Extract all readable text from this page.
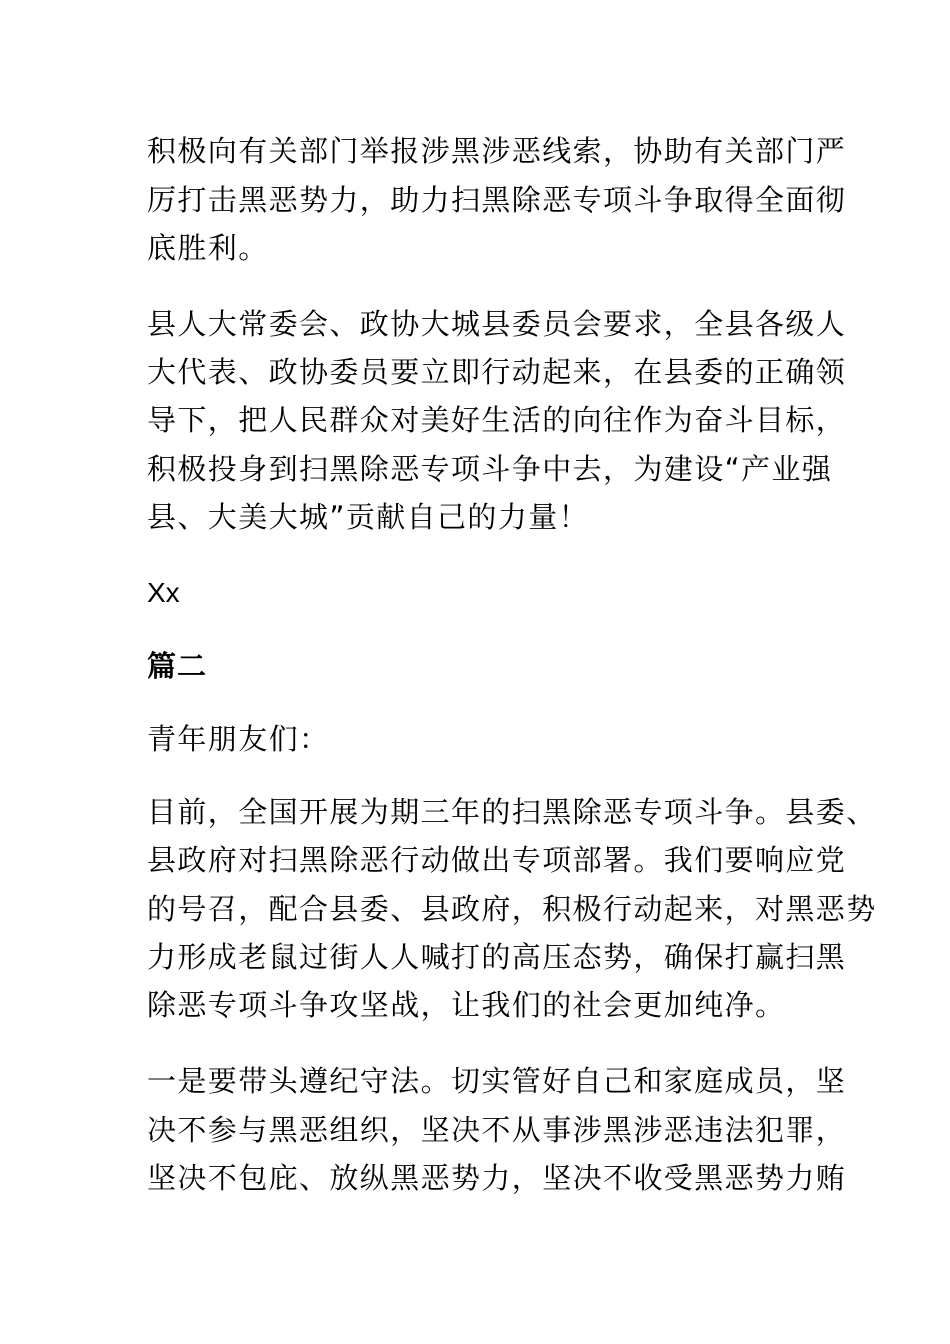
积极向有关部门举报涉黑涉恶线索，协助有关部门严
厉打击黑恶势力，助力扫黑除恶专项斗争取得全面彻
底胜利。
县人大常委会、政协大城县委员会要求，全县各级人
大代表、政协委员要立即行动起来，在县委的正确领
导下，把人民群众对美好生活的向往作为奋斗目标，
积极投身到扫黑除恶专项斗争中去，为建设“产业强
县、大美大城”贡献自己的力量！
Xx
篇二
青年朋友们：
目前，全国开展为期三年的扫黑除恶专项斗争。县委、
县政府对扫黑除恶行动做出专项部署。我们要响应党
的号召，配合县委、县政府，积极行动起来，对黑恶势
力形成老鼠过街人人喊打的高压态势，确保打赢扫黑
除恶专项斗争攻坚战，让我们的社会更加纯净。
一是要带头遵纪守法。切实管好自己和家庭成员，坚
决不参与黑恶组织，坚决不从事涉黑涉恶违法犯罪，
坚决不包庇、放纵黑恶势力，坚决不收受黑恶势力贿
